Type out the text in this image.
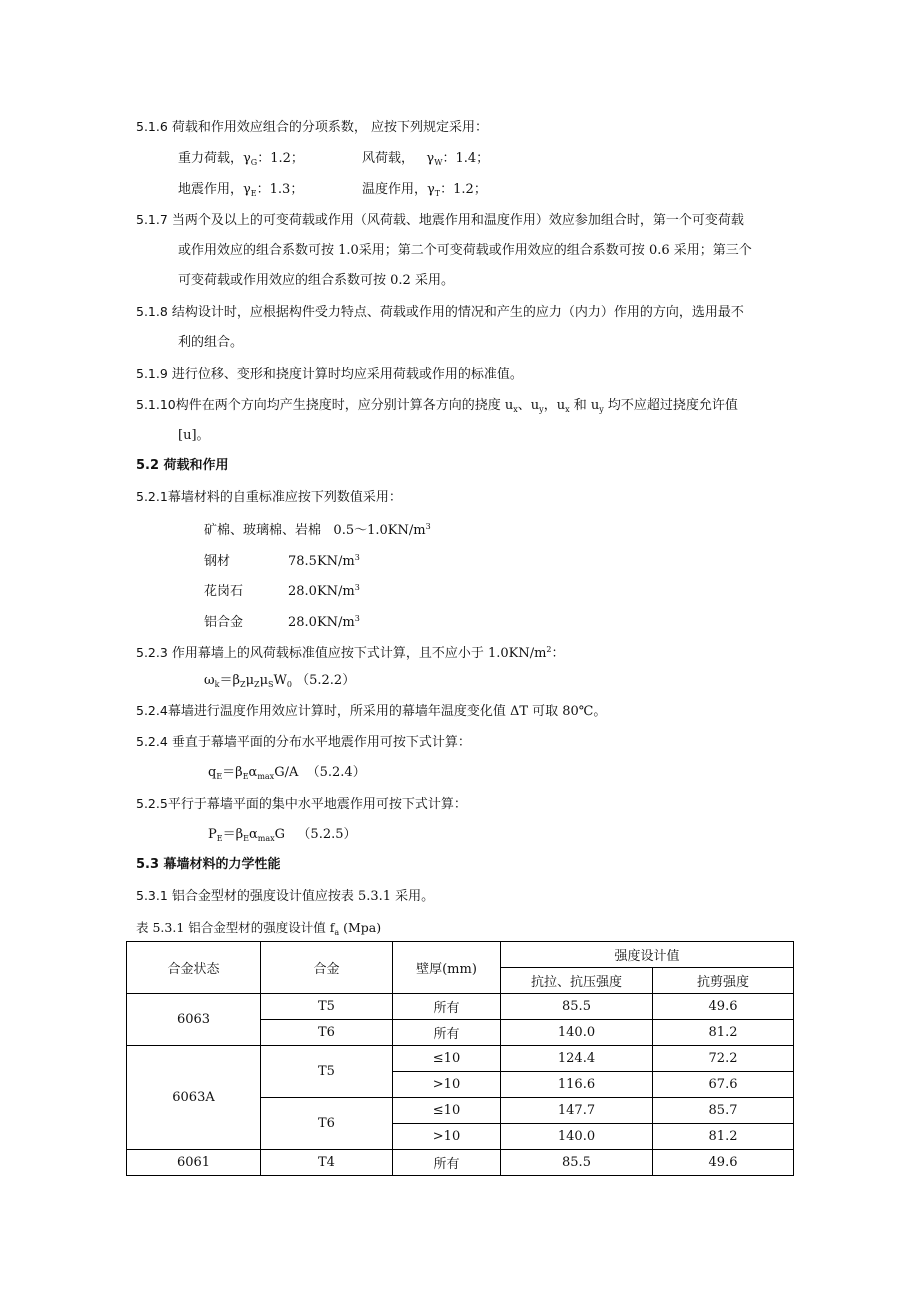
5.1.6 荷载和作用效应组合的分项系数， 应按下列规定采用：
重力荷载，$\gamma_G$：1.2；	风荷载， $\gamma_W$：1.4；
地震作用，$\gamma_E$：1.3；	温度作用，$\gamma_T$：1.2；
5.1.7 当两个及以上的可变荷载或作用（风荷载、地震作用和温度作用）效应参加组合时，第一个可变荷载
或作用效应的组合系数可按 1.0采用；第二个可变荷载或作用效应的组合系数可按 0.6 采用；第三个
可变荷载或作用效应的组合系数可按 0.2 采用。
5.1.8 结构设计时，应根据构件受力特点、荷载或作用的情况和产生的应力（内力）作用的方向，选用最不
利的组合。
5.1.9 进行位移、变形和挠度计算时均应采用荷载或作用的标准值。
5.1.10构件在两个方向均产生挠度时，应分别计算各方向的挠度 $u_x$、$u_y$，$u_x$ 和 $u_y$ 均不应超过挠度允许值
[u]。
5.2 荷载和作用
5.2.1幕墙材料的自重标准应按下列数值采用：
矿棉、玻璃棉、岩棉 $0.5\sim 1.0KN/m^3$
钢材	$78.5KN/m^3$
花岗石	$28.0KN/m^3$
铝合金	$28.0KN/m^3$
5.2.3 作用幕墙上的风荷载标准值应按下式计算，且不应小于 $1.0KN/m^2$：
$\omega_k=\beta_Z\mu_Z\mu_SW_0$ （5.2.2）
5.2.4幕墙进行温度作用效应计算时，所采用的幕墙年温度变化值 ΔT 可取 80℃。
5.2.4 垂直于幕墙平面的分布水平地震作用可按下式计算：
$q_E=\beta_E\alpha_{max}G/A$ （5.2.4）
5.2.5平行于幕墙平面的集中水平地震作用可按下式计算：
$P_E=\beta_E\alpha_{max}G$ （5.2.5）
5.3 幕墙材料的力学性能
5.3.1 铝合金型材的强度设计值应按表 5.3.1 采用。
表 5.3.1 铝合金型材的强度设计值 $f_a$ (Mpa)
合金状态	合金	壁厚(mm)	强度设计值	
			抗拉、抗压强度	抗剪强度
6063	T5	所有	85.5	49.6
	T6	所有	140.0	81.2
6063A	T5	≤10	124.4	72.2
		>10	116.6	67.6
	T6	≤10	147.7	85.7
		>10	140.0	81.2
6061	T4	所有	85.5	49.6
